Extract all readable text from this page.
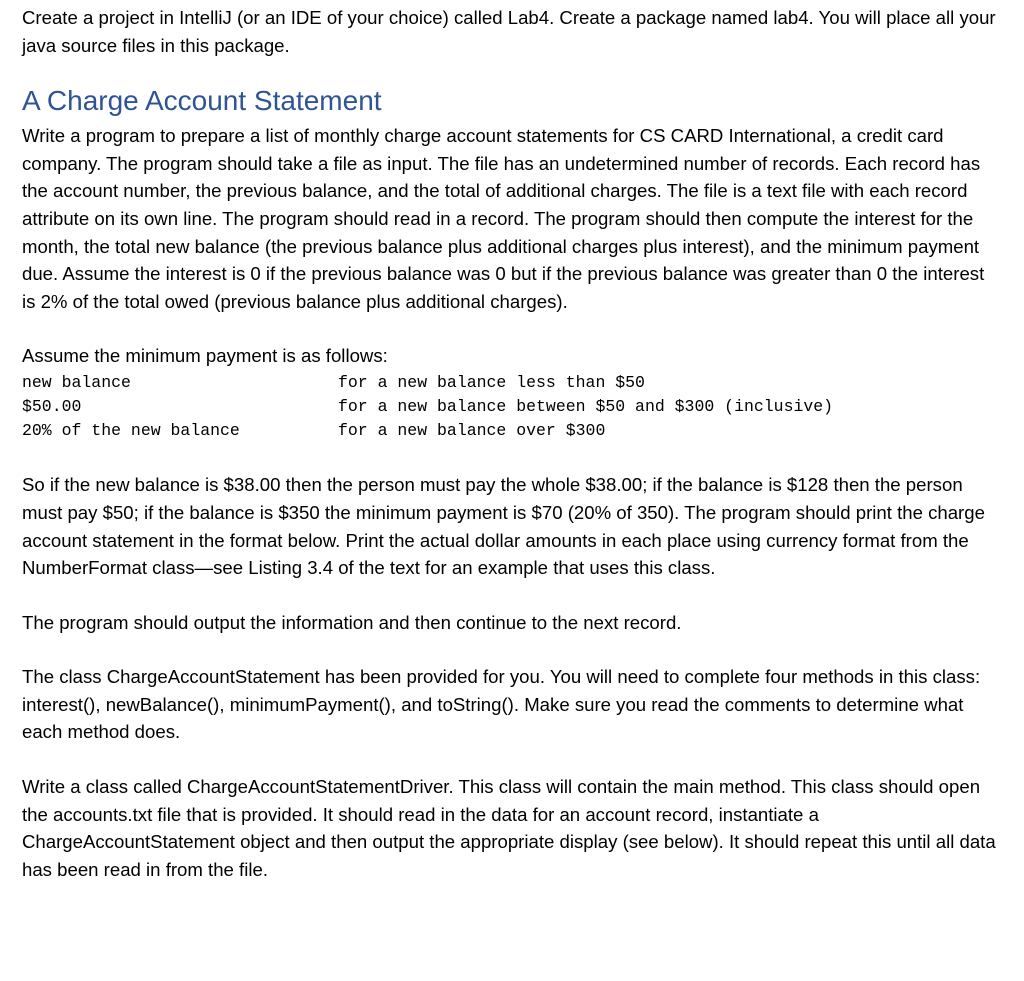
Create a project in IntelliJ (or an IDE of your choice) called Lab4. Create a package named lab4. You will place all your java source files in this package.

A Charge Account Statement

Write a program to prepare a list of monthly charge account statements for CS CARD International, a credit card company. The program should take a file as input. The file has an undetermined number of records. Each record has the account number, the previous balance, and the total of additional charges. The file is a text file with each record attribute on its own line. The program should read in a record. The program should then compute the interest for the month, the total new balance (the previous balance plus additional charges plus interest), and the minimum payment due. Assume the interest is 0 if the previous balance was 0 but if the previous balance was greater than 0 the interest is 2% of the total owed (previous balance plus additional charges).

Assume the minimum payment is as follows:

new balance	for a new balance less than $50
$50.00	for a new balance between $50 and $300 (inclusive)
20% of the new balance	for a new balance over $300

So if the new balance is $38.00 then the person must pay the whole $38.00; if the balance is $128 then the person must pay $50; if the balance is $350 the minimum payment is $70 (20% of 350). The program should print the charge account statement in the format below. Print the actual dollar amounts in each place using currency format from the NumberFormat class—see Listing 3.4 of the text for an example that uses this class.

The program should output the information and then continue to the next record.

The class ChargeAccountStatement has been provided for you. You will need to complete four methods in this class: interest(), newBalance(), minimumPayment(), and toString(). Make sure you read the comments to determine what each method does.

Write a class called ChargeAccountStatementDriver. This class will contain the main method. This class should open the accounts.txt file that is provided. It should read in the data for an account record, instantiate a ChargeAccountStatement object and then output the appropriate display (see below). It should repeat this until all data has been read in from the file.
